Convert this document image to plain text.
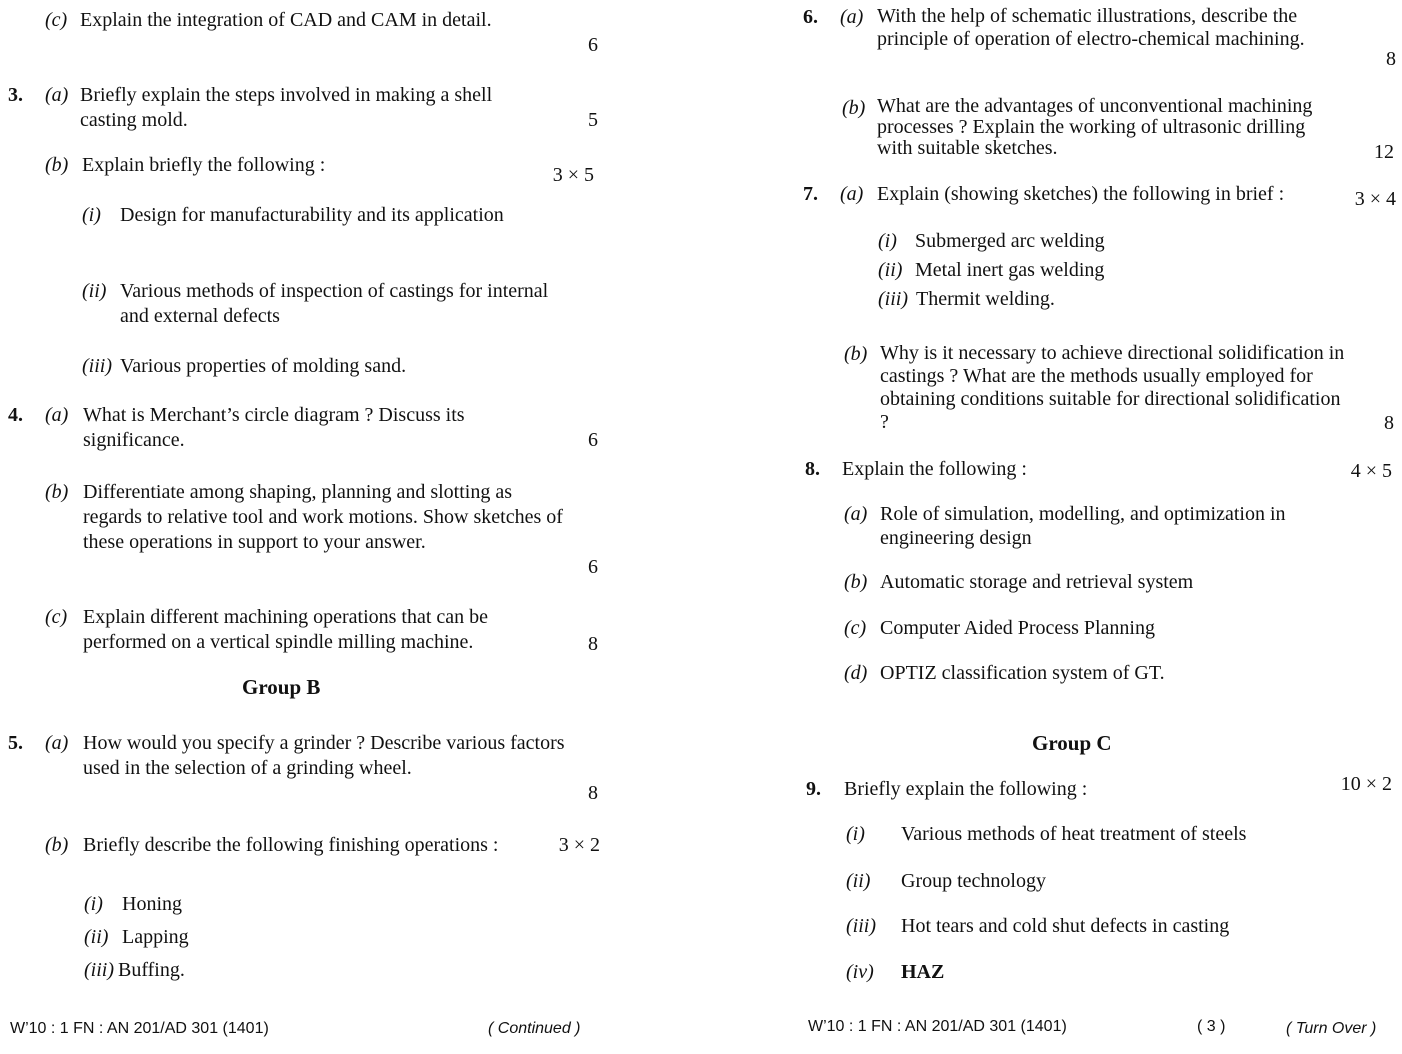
(c) Explain the integration of CAD and CAM in detail.
6
3. (a) Briefly explain the steps involved in making a shell casting mold.	5
(b) Explain briefly the following :	3 × 5
(i) Design for manufacturability and its application
(ii) Various methods of inspection of castings for internal and external defects
(iii) Various properties of molding sand.
4. (a) What is Merchant’s circle diagram ? Discuss its significance.	6
(b) Differentiate among shaping, planning and slotting as regards to relative tool and work motions. Show sketches of these operations in support to your answer.
6
(c) Explain different machining operations that can be performed on a vertical spindle milling machine.	8
Group B
5. (a) How would you specify a grinder ? Describe various factors used in the selection of a grinding wheel.
8
(b) Briefly describe the following finishing operations :	3 × 2
(i) Honing
(ii) Lapping
(iii) Buffing.
W’10 : 1 FN : AN 201/AD 301 (1401)	( Continued )
6. (a) With the help of schematic illustrations, describe the principle of operation of electro-chemical machining.
8
(b) What are the advantages of unconventional machining processes ? Explain the working of ultrasonic drilling with suitable sketches.	12
7. (a) Explain (showing sketches) the following in brief :	3 × 4
(i) Submerged arc welding
(ii) Metal inert gas welding
(iii) Thermit welding.
(b) Why is it necessary to achieve directional solidification in castings ? What are the methods usually employed for obtaining conditions suitable for directional solidification ?	8
8. Explain the following :	4 × 5
(a) Role of simulation, modelling, and optimization in engineering design
(b) Automatic storage and retrieval system
(c) Computer Aided Process Planning
(d) OPTIZ classification system of GT.
Group C
9. Briefly explain the following :	10 × 2
(i) Various methods of heat treatment of steels
(ii) Group technology
(iii) Hot tears and cold shut defects in casting
(iv) HAZ
W’10 : 1 FN : AN 201/AD 301 (1401)	( 3 )	( Turn Over )
